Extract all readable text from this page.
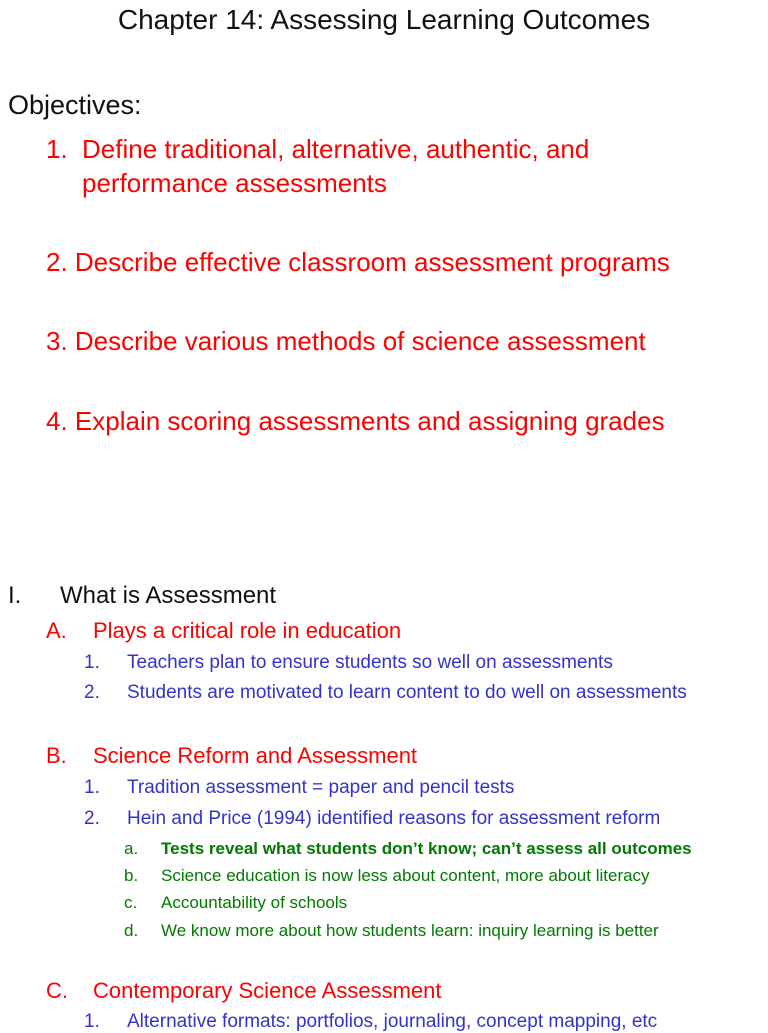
Chapter 14: Assessing Learning Outcomes
Objectives:
1. Define traditional, alternative, authentic, and
performance assessments
2. Describe effective classroom assessment programs
3. Describe various methods of science assessment
4. Explain scoring assessments and assigning grades
I. What is Assessment
A. Plays a critical role in education
1. Teachers plan to ensure students so well on assessments
2. Students are motivated to learn content to do well on assessments
B. Science Reform and Assessment
1. Tradition assessment = paper and pencil tests
2. Hein and Price (1994) identified reasons for assessment reform
a. Tests reveal what students don’t know; can’t assess all outcomes
b. Science education is now less about content, more about literacy
c. Accountability of schools
d. We know more about how students learn: inquiry learning is better
C. Contemporary Science Assessment
1. Alternative formats: portfolios, journaling, concept mapping, etc
